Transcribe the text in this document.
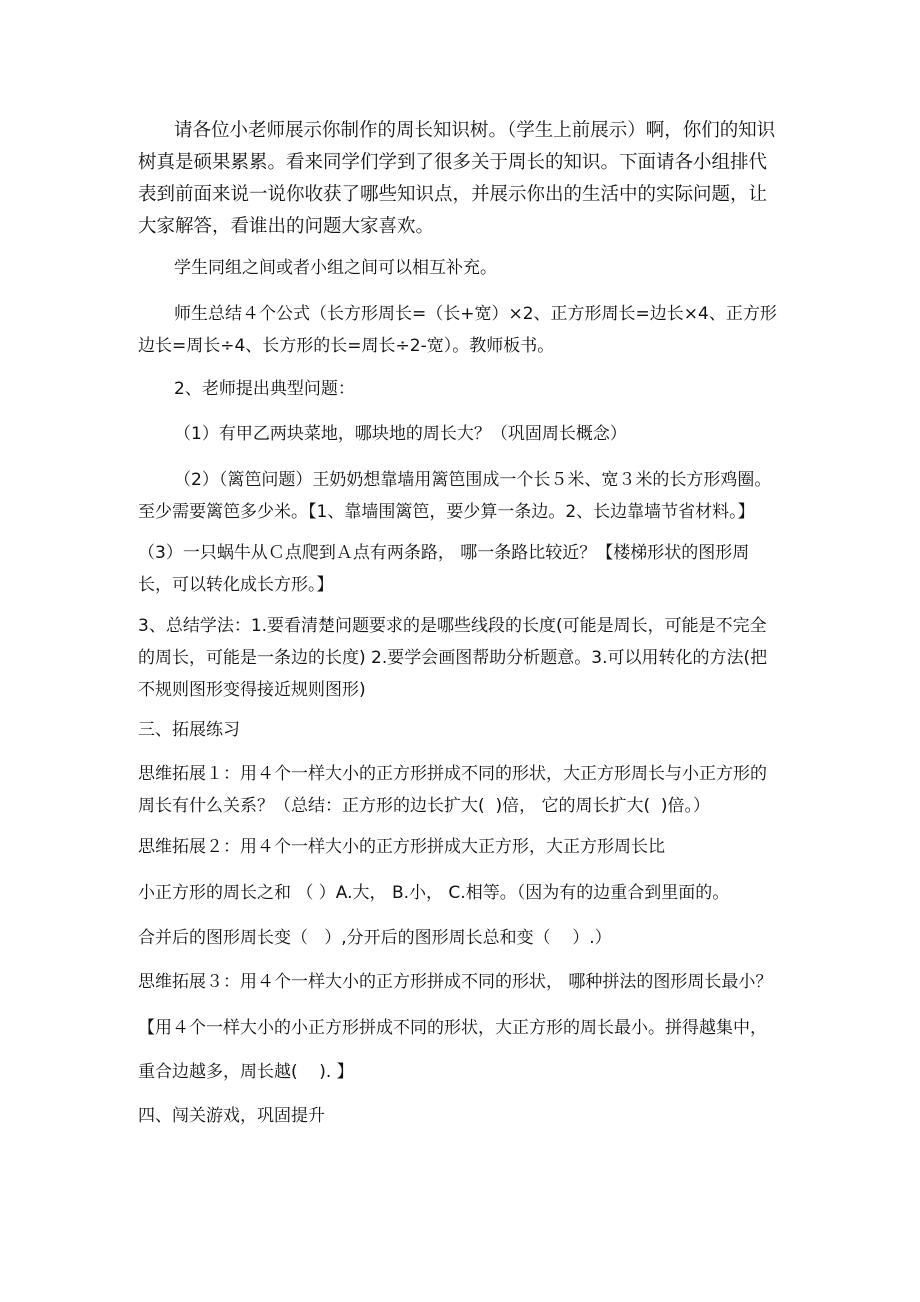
请各位小老师展示你制作的周长知识树。（学生上前展示）啊，你们的知识树真是硕果累累。看来同学们学到了很多关于周长的知识。下面请各小组排代表到前面来说一说你收获了哪些知识点，并展示你出的生活中的实际问题，让大家解答，看谁出的问题大家喜欢。

学生同组之间或者小组之间可以相互补充。

师生总结４个公式（长方形周长=（长+宽）×2、正方形周长=边长×4、正方形边长=周长÷4、长方形的长=周长÷2-宽）。教师板书。

2、老师提出典型问题：

（1）有甲乙两块菜地，哪块地的周长大？（巩固周长概念）

（2）（篱笆问题）王奶奶想靠墙用篱笆围成一个长５米、宽３米的长方形鸡圈。至少需要篱笆多少米。【1、靠墙围篱笆，要少算一条边。2、长边靠墙节省材料。】

（3）一只蜗牛从Ｃ点爬到Ａ点有两条路， 哪一条路比较近？【楼梯形状的图形周长，可以转化成长方形。】

3、总结学法：1.要看清楚问题要求的是哪些线段的长度(可能是周长，可能是不完全的周长，可能是一条边的长度) 2.要学会画图帮助分析题意。3.可以用转化的方法(把不规则图形变得接近规则图形)

三、拓展练习

思维拓展１：用４个一样大小的正方形拼成不同的形状，大正方形周长与小正方形的周长有什么关系？（总结：正方形的边长扩大(  )倍， 它的周长扩大(  )倍。）

思维拓展２：用４个一样大小的正方形拼成大正方形，大正方形周长比

小正方形的周长之和 （ ）A.大， B.小， C.相等。（因为有的边重合到里面的。

合并后的图形周长变（   ）,分开后的图形周长总和变（    ）.）

思维拓展３：用４个一样大小的正方形拼成不同的形状， 哪种拼法的图形周长最小？

【用４个一样大小的小正方形拼成不同的形状，大正方形的周长最小。拼得越集中，

重合边越多，周长越(    ). 】

四、闯关游戏，巩固提升
